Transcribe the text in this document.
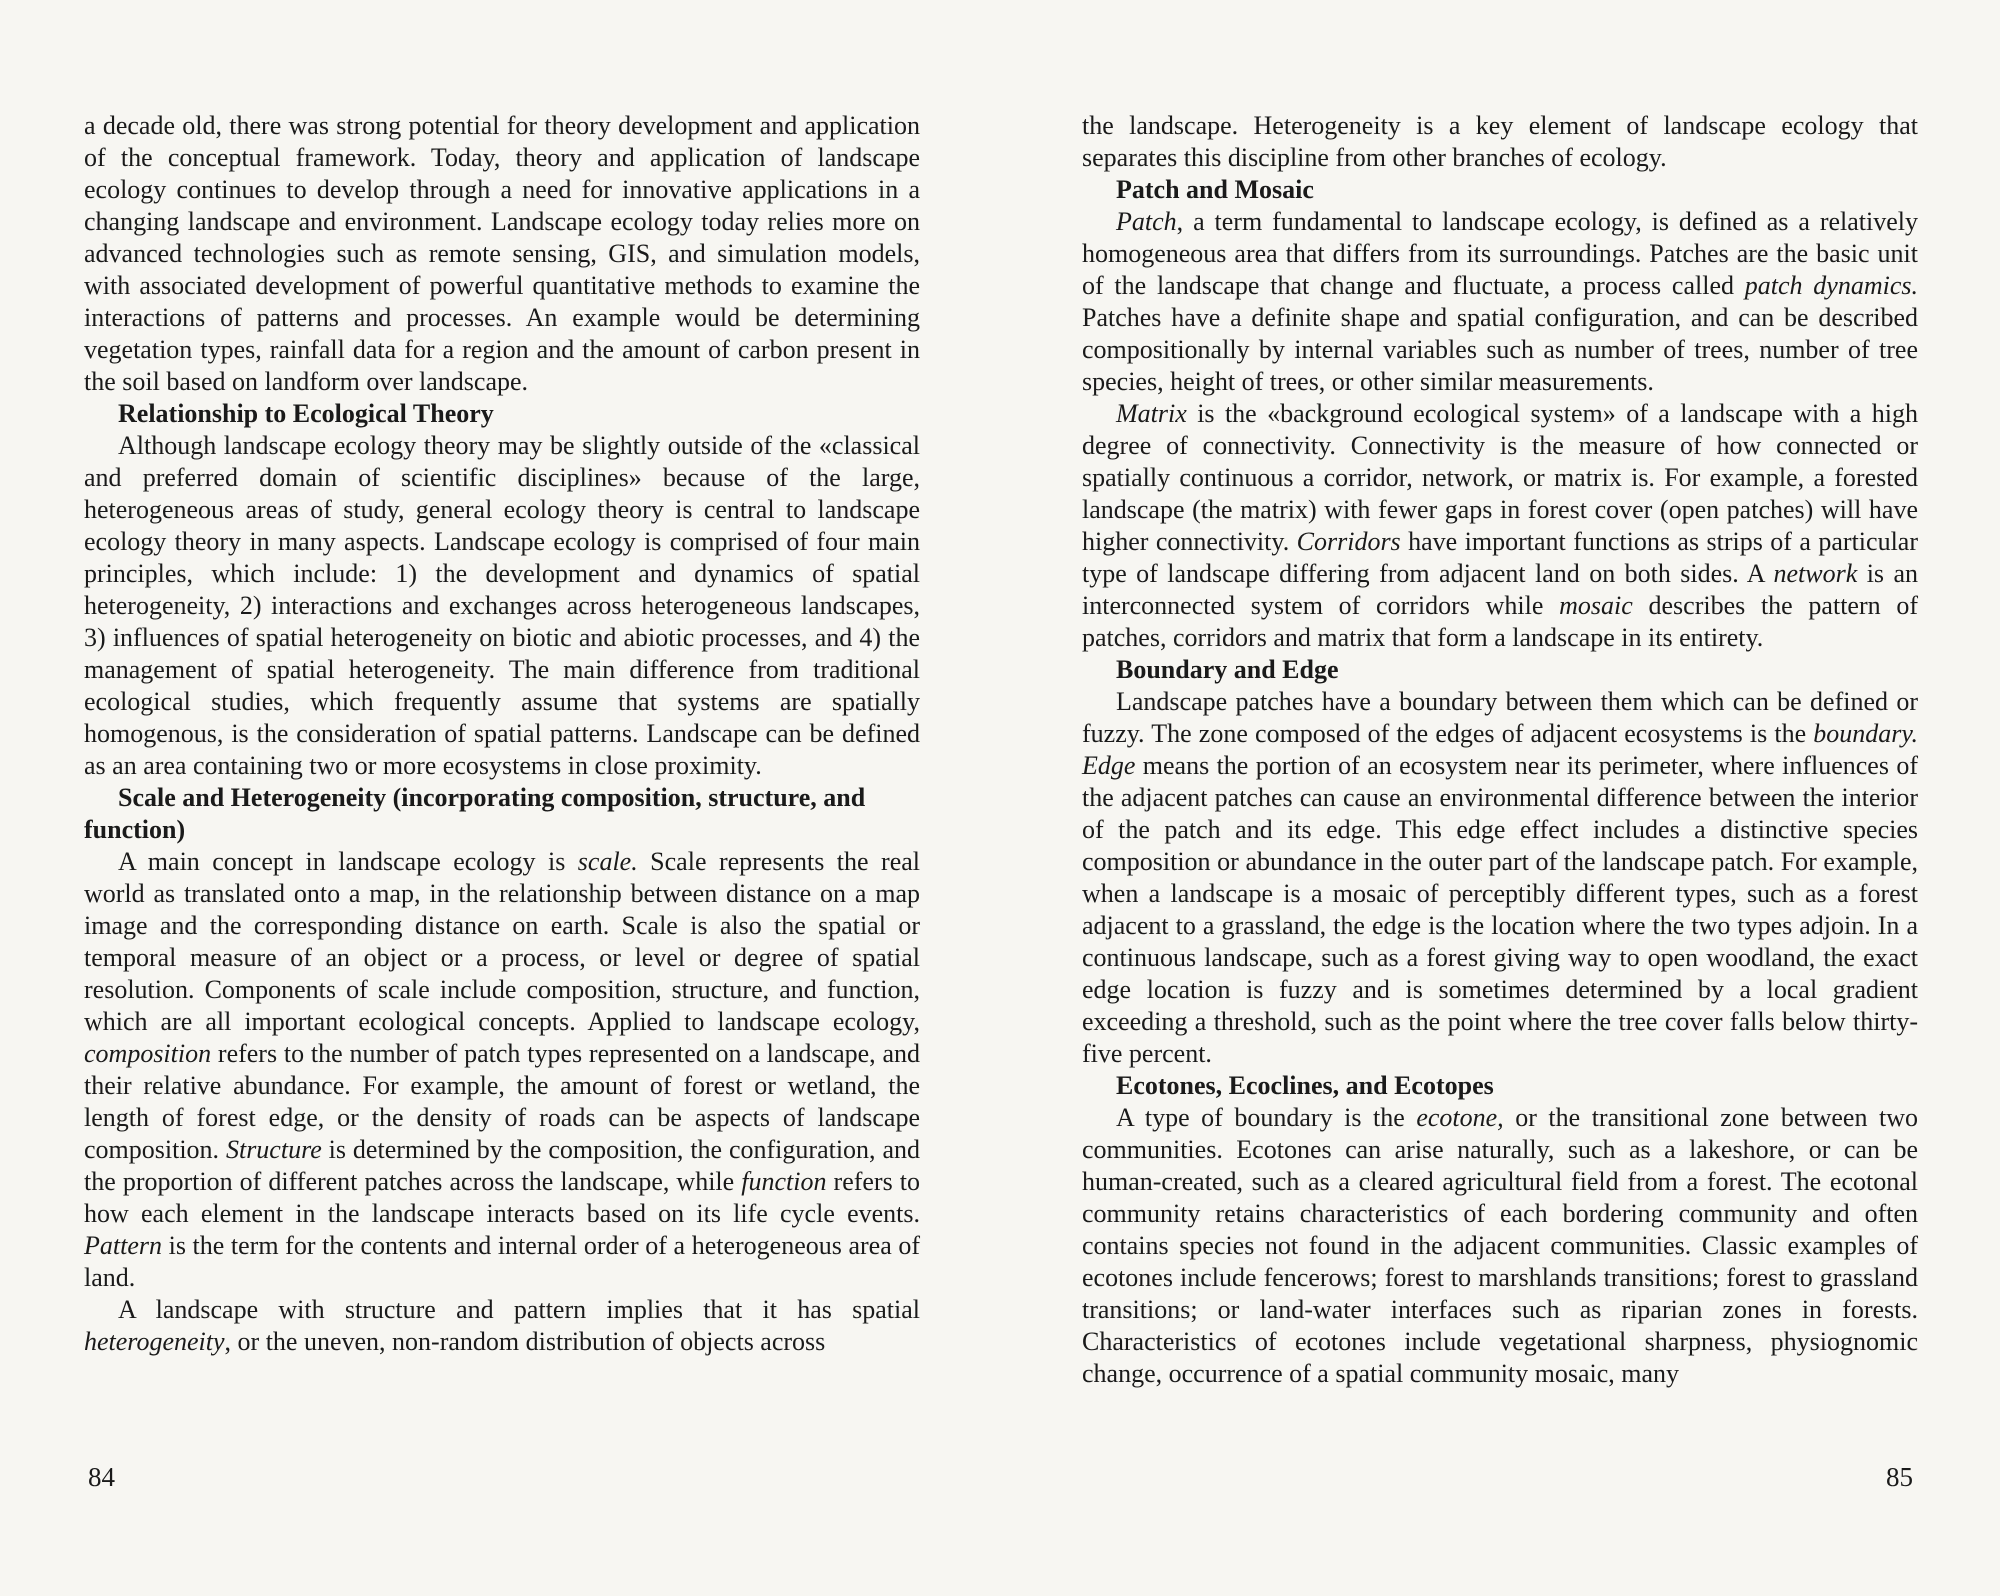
a decade old, there was strong potential for theory development and application of the conceptual framework. Today, theory and application of landscape ecology continues to develop through a need for innovative applications in a changing landscape and environment. Landscape ecology today relies more on advanced technologies such as remote sensing, GIS, and simulation models, with associated development of powerful quantitative methods to examine the interactions of patterns and processes. An example would be determining vegetation types, rainfall data for a region and the amount of carbon present in the soil based on landform over landscape.

Relationship to Ecological Theory

Although landscape ecology theory may be slightly outside of the «classical and preferred domain of scientific disciplines» because of the large, heterogeneous areas of study, general ecology theory is central to landscape ecology theory in many aspects. Landscape ecology is comprised of four main principles, which include: 1) the development and dynamics of spatial heterogeneity, 2) interactions and exchanges across heterogeneous landscapes, 3) influences of spatial heterogeneity on biotic and abiotic processes, and 4) the management of spatial heterogeneity. The main difference from traditional ecological studies, which frequently assume that systems are spatially homogenous, is the consideration of spatial patterns. Landscape can be defined as an area containing two or more ecosystems in close proximity.

Scale and Heterogeneity (incorporating composition, structure, and function)

A main concept in landscape ecology is scale. Scale represents the real world as translated onto a map, in the relationship between distance on a map image and the corresponding distance on earth. Scale is also the spatial or temporal measure of an object or a process, or level or degree of spatial resolution. Components of scale include composition, structure, and function, which are all important ecological concepts. Applied to landscape ecology, composition refers to the number of patch types represented on a landscape, and their relative abundance. For example, the amount of forest or wetland, the length of forest edge, or the density of roads can be aspects of landscape composition. Structure is determined by the composition, the configuration, and the proportion of different patches across the landscape, while function refers to how each element in the landscape interacts based on its life cycle events. Pattern is the term for the contents and internal order of a heterogeneous area of land.

A landscape with structure and pattern implies that it has spatial heterogeneity, or the uneven, non-random distribution of objects across

the landscape. Heterogeneity is a key element of landscape ecology that separates this discipline from other branches of ecology.

Patch and Mosaic

Patch, a term fundamental to landscape ecology, is defined as a relatively homogeneous area that differs from its surroundings. Patches are the basic unit of the landscape that change and fluctuate, a process called patch dynamics. Patches have a definite shape and spatial configuration, and can be described compositionally by internal variables such as number of trees, number of tree species, height of trees, or other similar measurements.

Matrix is the «background ecological system» of a landscape with a high degree of connectivity. Connectivity is the measure of how connected or spatially continuous a corridor, network, or matrix is. For example, a forested landscape (the matrix) with fewer gaps in forest cover (open patches) will have higher connectivity. Corridors have important functions as strips of a particular type of landscape differing from adjacent land on both sides. A network is an interconnected system of corridors while mosaic describes the pattern of patches, corridors and matrix that form a landscape in its entirety.

Boundary and Edge

Landscape patches have a boundary between them which can be defined or fuzzy. The zone composed of the edges of adjacent ecosystems is the boundary. Edge means the portion of an ecosystem near its perimeter, where influences of the adjacent patches can cause an environmental difference between the interior of the patch and its edge. This edge effect includes a distinctive species composition or abundance in the outer part of the landscape patch. For example, when a landscape is a mosaic of perceptibly different types, such as a forest adjacent to a grassland, the edge is the location where the two types adjoin. In a continuous landscape, such as a forest giving way to open woodland, the exact edge location is fuzzy and is sometimes determined by a local gradient exceeding a threshold, such as the point where the tree cover falls below thirty-five percent.

Ecotones, Ecoclines, and Ecotopes

A type of boundary is the ecotone, or the transitional zone between two communities. Ecotones can arise naturally, such as a lakeshore, or can be human-created, such as a cleared agricultural field from a forest. The ecotonal community retains characteristics of each bordering community and often contains species not found in the adjacent communities. Classic examples of ecotones include fencerows; forest to marshlands transitions; forest to grassland transitions; or land-water interfaces such as riparian zones in forests. Characteristics of ecotones include vegetational sharpness, physiognomic change, occurrence of a spatial community mosaic, many

84	85
